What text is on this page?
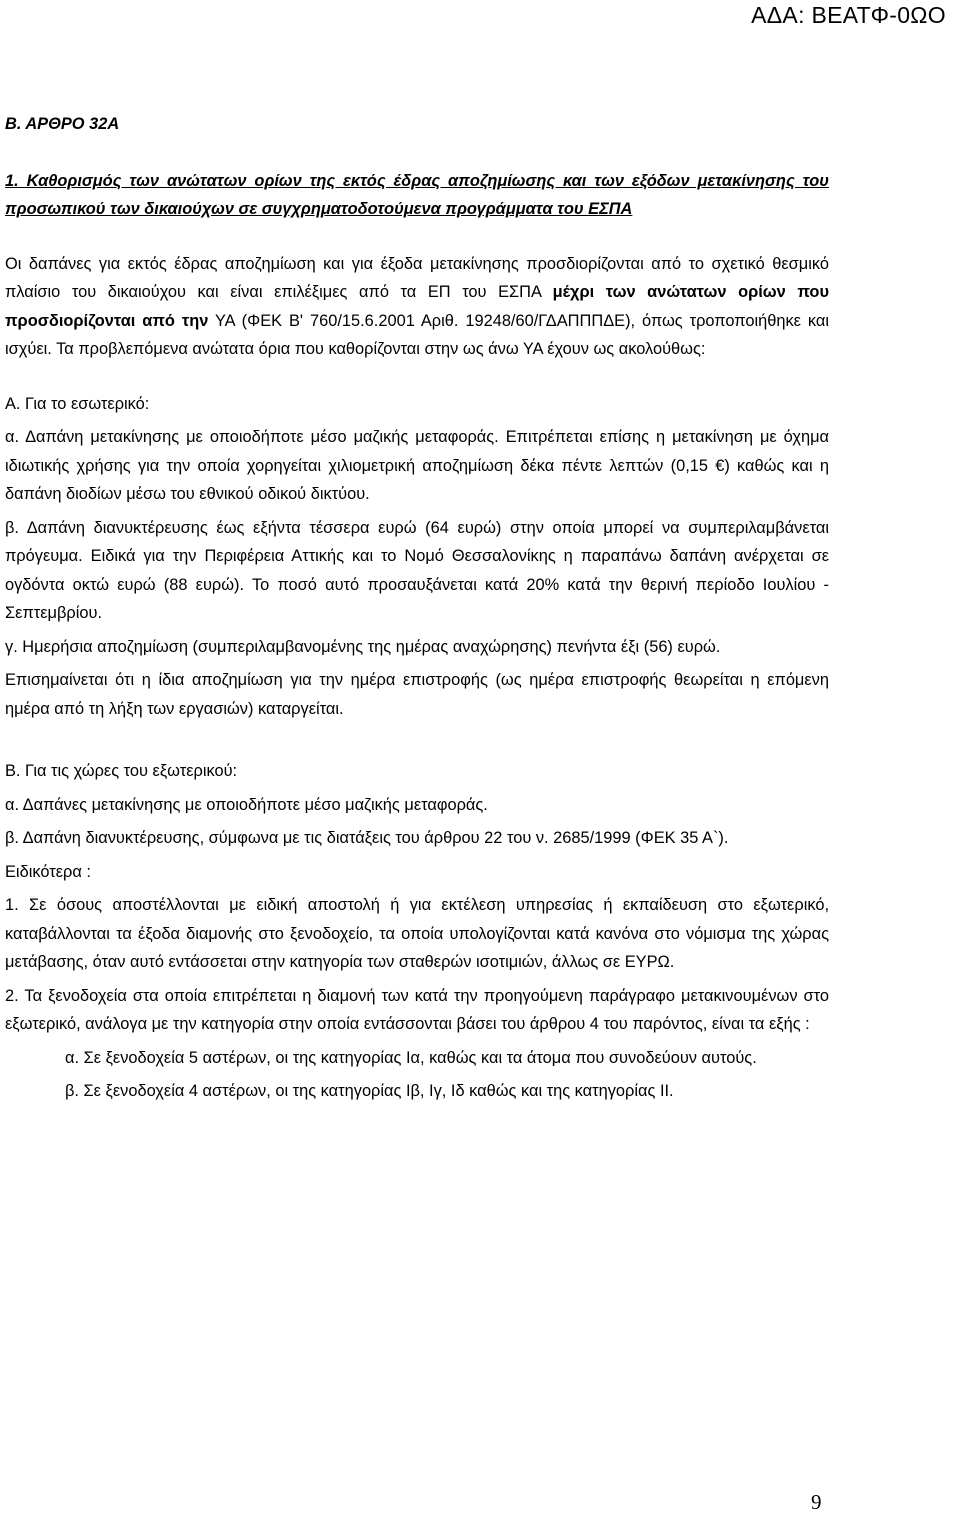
ΑΔΑ: ΒΕΑΤΦ-0ΩΟ

Β. ΑΡΘΡΟ 32Α

1. Καθορισμός των ανώτατων ορίων της εκτός έδρας αποζημίωσης και των εξόδων μετακίνησης του προσωπικού των δικαιούχων σε συγχρηματοδοτούμενα προγράμματα του ΕΣΠΑ

Οι δαπάνες για εκτός έδρας αποζημίωση και για έξοδα μετακίνησης προσδιορίζονται από το σχετικό θεσμικό πλαίσιο του δικαιούχου και είναι επιλέξιμες από τα ΕΠ του ΕΣΠΑ μέχρι των ανώτατων ορίων που προσδιορίζονται από την ΥΑ (ΦΕΚ Β' 760/15.6.2001 Αριθ. 19248/60/ΓΔΑΠΠΠΔΕ), όπως τροποποιήθηκε και ισχύει. Τα προβλεπόμενα ανώτατα όρια που καθορίζονται στην ως άνω ΥΑ έχουν ως ακολούθως:

Α. Για το εσωτερικό:

α. Δαπάνη μετακίνησης με οποιοδήποτε μέσο μαζικής μεταφοράς. Επιτρέπεται επίσης η μετακίνηση με όχημα ιδιωτικής χρήσης για την οποία χορηγείται χιλιομετρική αποζημίωση δέκα πέντε λεπτών (0,15 €) καθώς και η δαπάνη διοδίων μέσω του εθνικού οδικού δικτύου.

β. Δαπάνη διανυκτέρευσης έως εξήντα τέσσερα ευρώ (64 ευρώ) στην οποία μπορεί να συμπεριλαμβάνεται πρόγευμα. Ειδικά για την Περιφέρεια Αττικής και το Νομό Θεσσαλονίκης η παραπάνω δαπάνη ανέρχεται σε ογδόντα οκτώ ευρώ (88 ευρώ). Το ποσό αυτό προσαυξάνεται κατά 20% κατά την θερινή περίοδο Ιουλίου - Σεπτεμβρίου.

γ. Ημερήσια αποζημίωση (συμπεριλαμβανομένης της ημέρας αναχώρησης) πενήντα έξι (56) ευρώ.

Επισημαίνεται ότι η ίδια αποζημίωση για την ημέρα επιστροφής (ως ημέρα επιστροφής θεωρείται η επόμενη ημέρα από τη λήξη των εργασιών) καταργείται.

Β. Για τις χώρες του εξωτερικού:

α. Δαπάνες μετακίνησης με οποιοδήποτε μέσο μαζικής μεταφοράς.

β. Δαπάνη διανυκτέρευσης, σύμφωνα με τις διατάξεις του άρθρου 22 του ν. 2685/1999 (ΦΕΚ 35 Α`).

Ειδικότερα :

1. Σε όσους αποστέλλονται με ειδική αποστολή ή για εκτέλεση υπηρεσίας ή εκπαίδευση στο εξωτερικό, καταβάλλονται τα έξοδα διαμονής στο ξενοδοχείο, τα οποία υπολογίζονται κατά κανόνα στο νόμισμα της χώρας μετάβασης, όταν αυτό εντάσσεται στην κατηγορία των σταθερών ισοτιμιών, άλλως σε ΕΥΡΩ.

2. Τα ξενοδοχεία στα οποία επιτρέπεται η διαμονή των κατά την προηγούμενη παράγραφο μετακινουμένων στο εξωτερικό, ανάλογα με την κατηγορία στην οποία εντάσσονται βάσει του άρθρου 4 του παρόντος, είναι τα εξής :

α. Σε ξενοδοχεία 5 αστέρων, οι της κατηγορίας Ια, καθώς και τα άτομα που συνοδεύουν αυτούς.

β. Σε ξενοδοχεία 4 αστέρων, οι της κατηγορίας Ιβ, Ιγ, Ιδ καθώς και της κατηγορίας ΙΙ.

9
